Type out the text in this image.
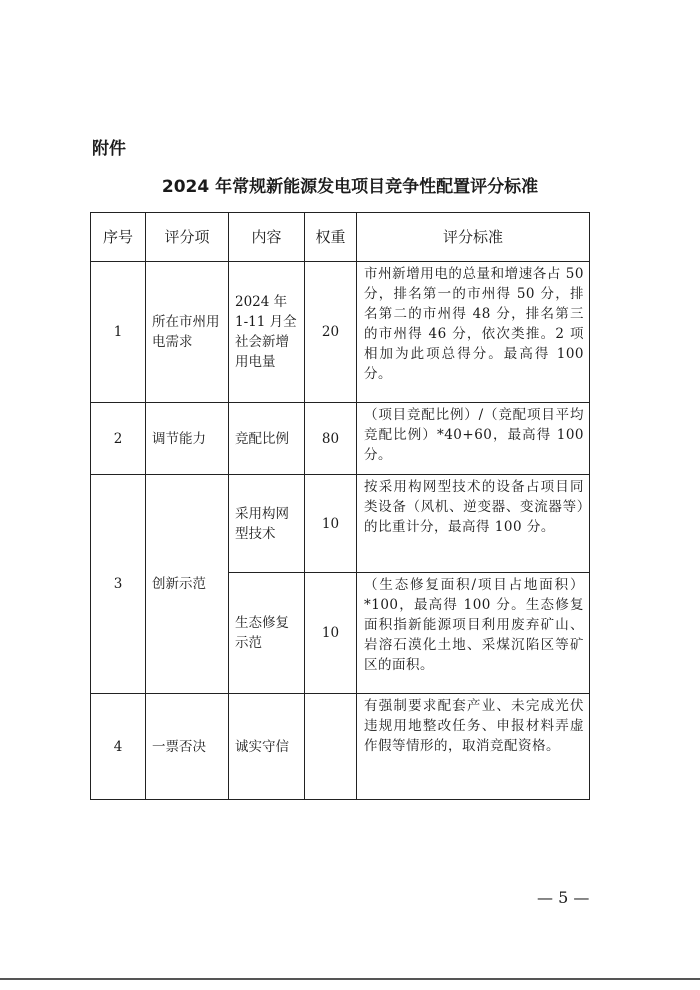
附件
2024 年常规新能源发电项目竞争性配置评分标准
序号	评分项	内容	权重	评分标准
1	所在市州用电需求	2024 年 1-11 月全社会新增用电量	20	市州新增用电的总量和增速各占 50 分，排名第一的市州得 50 分，排名第二的市州得 48 分，排名第三的市州得 46 分，依次类推。2 项相加为此项总得分。最高得 100 分。
2	调节能力	竞配比例	80	（项目竞配比例）/（竞配项目平均竞配比例）*40+60，最高得 100 分。
3	创新示范	采用构网型技术	10	按采用构网型技术的设备占项目同类设备（风机、逆变器、变流器等）的比重计分，最高得 100 分。
		生态修复示范	10	（生态修复面积/项目占地面积）*100，最高得 100 分。生态修复面积指新能源项目利用废弃矿山、岩溶石漠化土地、采煤沉陷区等矿区的面积。
4	一票否决	诚实守信		有强制要求配套产业、未完成光伏违规用地整改任务、申报材料弄虚作假等情形的，取消竞配资格。
— 5 —
